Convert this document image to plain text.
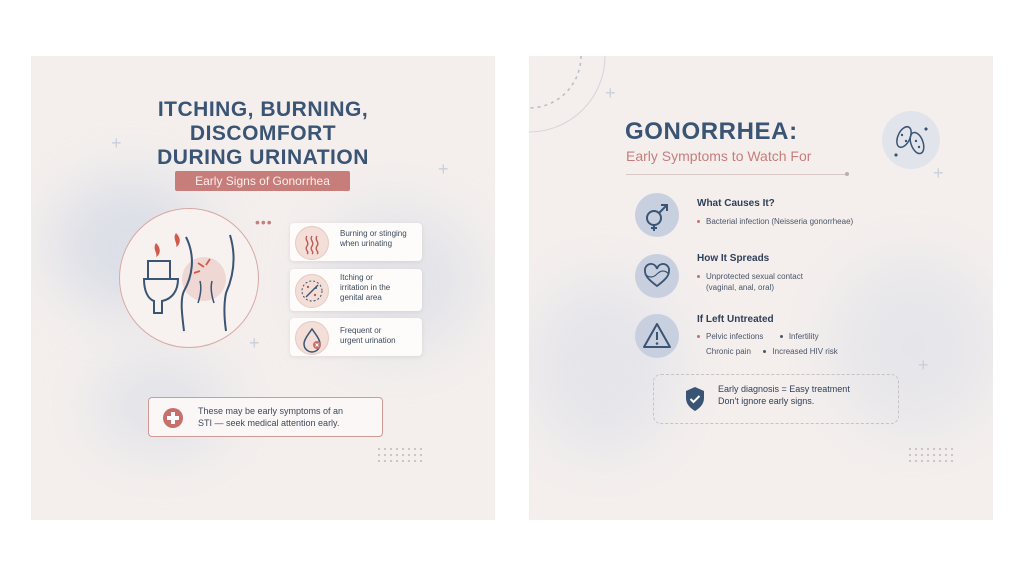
+
+
+
•••
ITCHING, BURNING,
DISCOMFORT
DURING URINATION
Early Signs of Gonorrhea
Burning or stinging
when urinating
Itching or
irritation in the
genital area
Frequent or
urgent urination
These may be early symptoms of an
STI — seek medical attention early.
+
+
+
GONORRHEA:
Early Symptoms to Watch For
What Causes It?
Bacterial infection (Neisseria gonorrheae)
How It Spreads
Unprotected sexual contact
(vaginal, anal, oral)
If Left Untreated
Pelvic infections	Infertility
Chronic pain	Increased HIV risk
Early diagnosis = Easy treatment
Don't ignore early signs.
